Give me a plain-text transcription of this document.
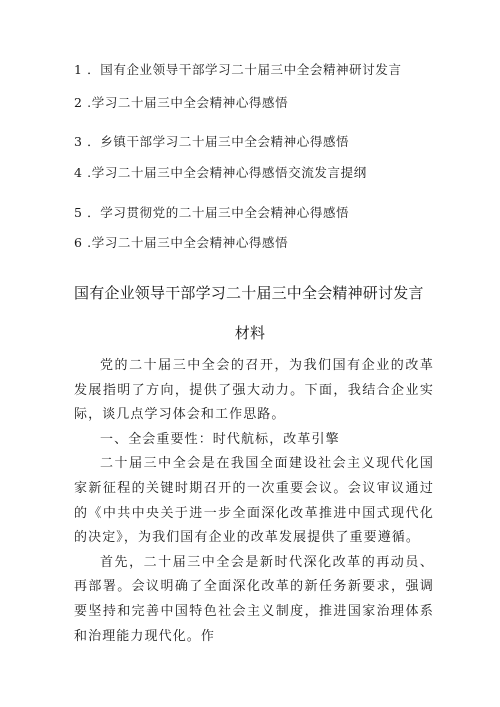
1 ．国有企业领导干部学习二十届三中全会精神研讨发言
2 .学习二十届三中全会精神心得感悟
3 ．乡镇干部学习二十届三中全会精神心得感悟
4 .学习二十届三中全会精神心得感悟交流发言提纲
5 ．学习贯彻党的二十届三中全会精神心得感悟
6 .学习二十届三中全会精神心得感悟
国有企业领导干部学习二十届三中全会精神研讨发言
材料

党的二十届三中全会的召开，为我们国有企业的改革发展指明了方向，提供了强大动力。下面，我结合企业实际，谈几点学习体会和工作思路。

一、全会重要性：时代航标，改革引擎

二十届三中全会是在我国全面建设社会主义现代化国家新征程的关键时期召开的一次重要会议。会议审议通过的《中共中央关于进一步全面深化改革推进中国式现代化的决定》，为我们国有企业的改革发展提供了重要遵循。

首先，二十届三中全会是新时代深化改革的再动员、再部署。会议明确了全面深化改革的新任务新要求，强调要坚持和完善中国特色社会主义制度，推进国家治理体系和治理能力现代化。作
